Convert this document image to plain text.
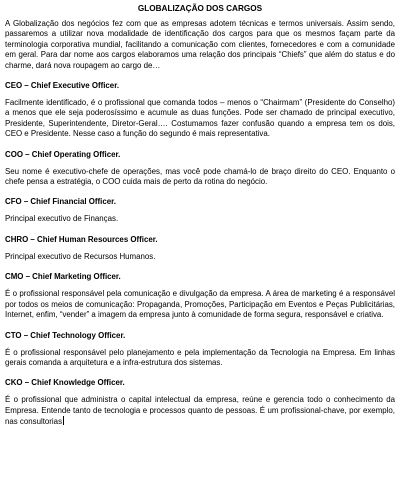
GLOBALIZAÇÃO DOS CARGOS

A Globalização dos negócios fez com que as empresas adotem técnicas e termos universais. Assim sendo, passaremos a utilizar nova modalidade de identificação dos cargos para que os mesmos façam parte da terminologia corporativa mundial, facilitando a comunicação com clientes, fornecedores e com a comunidade em geral. Para dar nome aos cargos elaboramos uma relação dos principais “Chiefs” que além do status e do charme, dará nova roupagem ao cargo de…

CEO – Chief Executive Officer.

Facilmente identificado, é o profissional que comanda todos – menos o “Chairmam” (Presidente do Conselho) a menos que ele seja poderosíssimo e acumule as duas funções. Pode ser chamado de principal executivo, Presidente, Superintendente, Diretor-Geral…. Costumamos fazer confusão quando a empresa tem os dois, CEO e Presidente. Nesse caso a função do segundo é mais representativa.

COO – Chief Operating Officer.

Seu nome é executivo-chefe de operações, mas você pode chamá-lo de braço direito do CEO. Enquanto o chefe pensa a estratégia, o COO cuida mais de perto da rotina do negócio.

CFO – Chief Financial Officer.

Principal executivo de Finanças.

CHRO – Chief Human Resources Officer.

Principal executivo de Recursos Humanos.

CMO – Chief Marketing Officer.

É o profissional responsável pela comunicação e divulgação da empresa. A área de marketing é a responsável por todos os meios de comunicação: Propaganda, Promoções, Participação em Eventos e Peças Publicitárias, Internet, enfim, “vender” a imagem da empresa junto à comunidade de forma segura, responsável e criativa.

CTO – Chief Technology Officer.

É o profissional responsável pelo planejamento e pela implementação da Tecnologia na Empresa. Em linhas gerais comanda a arquitetura e a infra-estrutura dos sistemas.

CKO – Chief Knowledge Officer.

É o profissional que administra o capital intelectual da empresa, reúne e gerencia todo o conhecimento da Empresa. Entende tanto de tecnologia e processos quanto de pessoas. É um profissional-chave, por exemplo, nas consultorias
